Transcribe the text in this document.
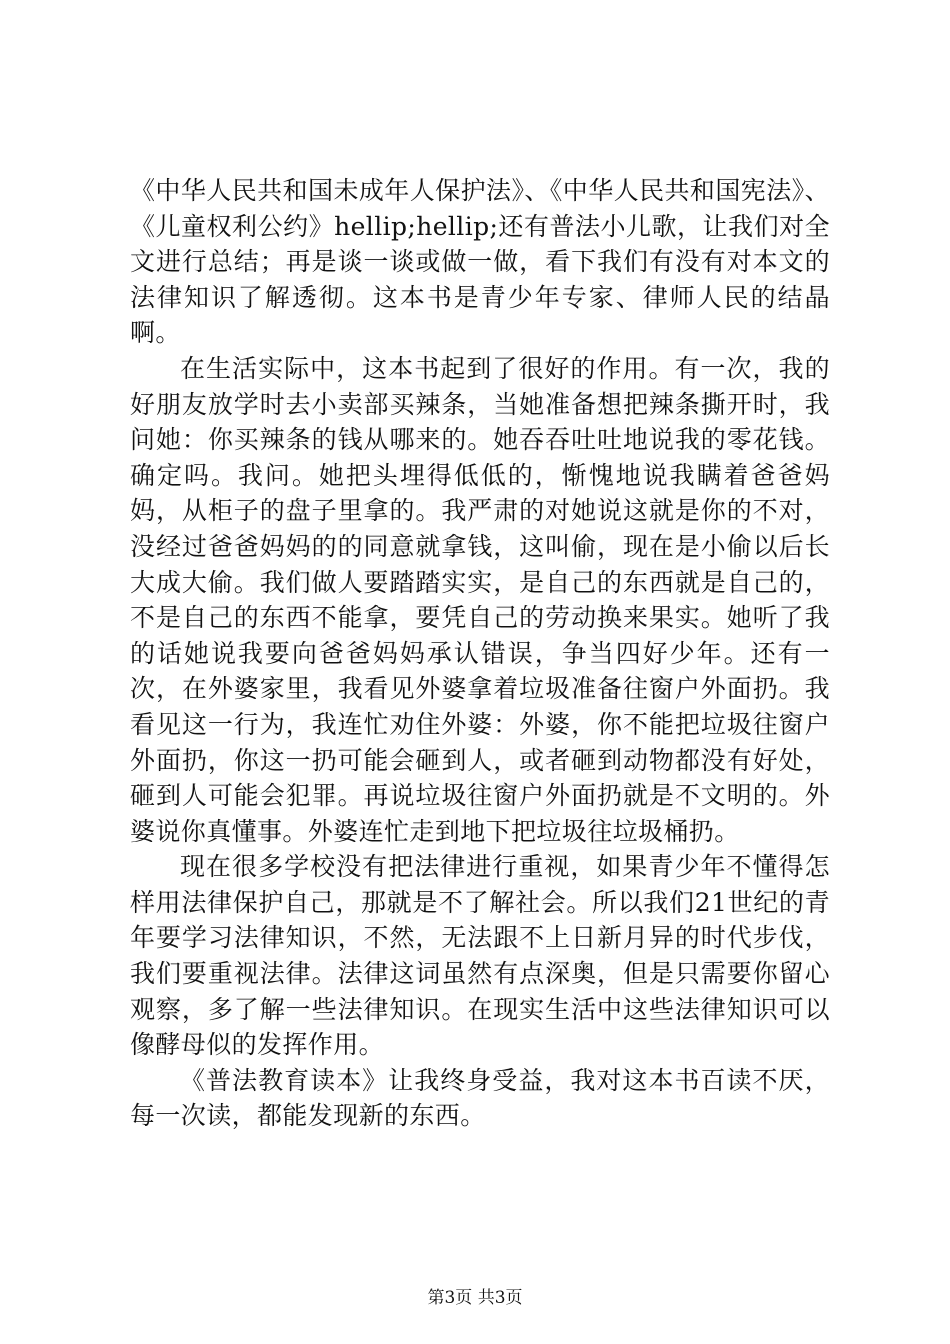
《中华人民共和国未成年人保护法》、《中华人民共和国宪法》、《儿童权利公约》hellip;hellip;还有普法小儿歌，让我们对全文进行总结；再是谈一谈或做一做，看下我们有没有对本文的法律知识了解透彻。这本书是青少年专家、律师人民的结晶啊。

在生活实际中，这本书起到了很好的作用。有一次，我的好朋友放学时去小卖部买辣条，当她准备想把辣条撕开时，我问她：你买辣条的钱从哪来的。她吞吞吐吐地说我的零花钱。确定吗。我问。她把头埋得低低的，惭愧地说我瞒着爸爸妈妈，从柜子的盘子里拿的。我严肃的对她说这就是你的不对，没经过爸爸妈妈的的同意就拿钱，这叫偷，现在是小偷以后长大成大偷。我们做人要踏踏实实，是自己的东西就是自己的，不是自己的东西不能拿，要凭自己的劳动换来果实。她听了我的话她说我要向爸爸妈妈承认错误，争当四好少年。还有一次，在外婆家里，我看见外婆拿着垃圾准备往窗户外面扔。我看见这一行为，我连忙劝住外婆：外婆，你不能把垃圾往窗户外面扔，你这一扔可能会砸到人，或者砸到动物都没有好处，砸到人可能会犯罪。再说垃圾往窗户外面扔就是不文明的。外婆说你真懂事。外婆连忙走到地下把垃圾往垃圾桶扔。

现在很多学校没有把法律进行重视，如果青少年不懂得怎样用法律保护自己，那就是不了解社会。所以我们21世纪的青年要学习法律知识，不然，无法跟不上日新月异的时代步伐，我们要重视法律。法律这词虽然有点深奥，但是只需要你留心观察，多了解一些法律知识。在现实生活中这些法律知识可以像酵母似的发挥作用。

《普法教育读本》让我终身受益，我对这本书百读不厌，每一次读，都能发现新的东西。

第3页 共3页
